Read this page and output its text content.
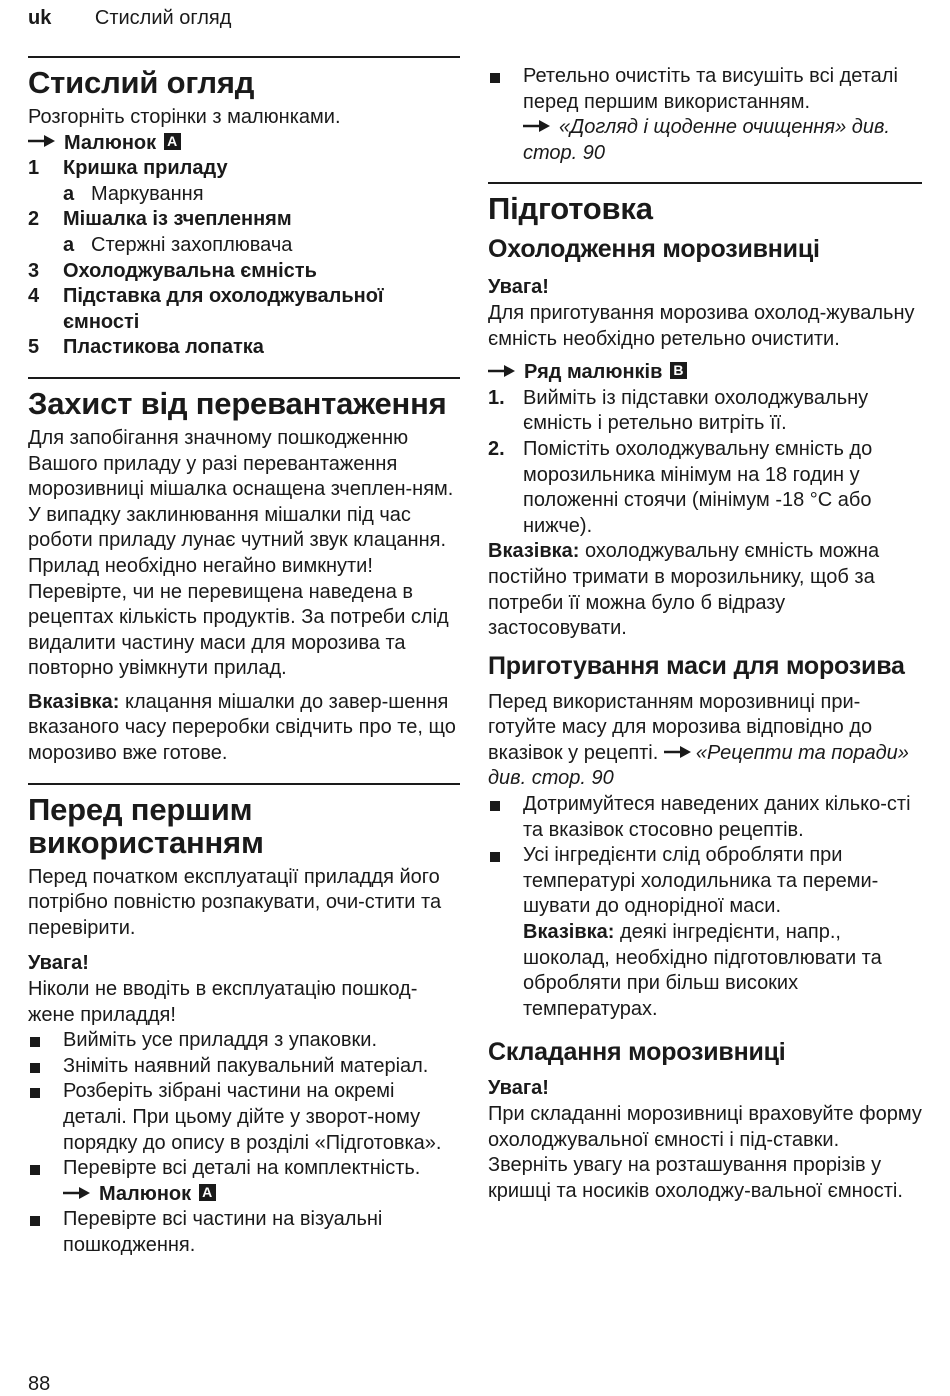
uk Стислий огляд
Стислий огляд

Розгорніть сторінки з малюнками.

Малюнок A
1 Кришка приладу
a Маркування
2 Мішалка із зчепленням
a Стержні захоплювача
3 Охолоджувальна ємність
4 Підставка для охолоджувальної ємності
5 Пластикова лопатка
Захист від перевантаження

Для запобігання значному пошкодженню Вашого приладу у разі перевантаження морозивниці мішалка оснащена зчеплен-ням. У випадку заклинювання мішалки під час роботи приладу лунає чутний звук клацання.

Прилад необхідно негайно вимкнути! Перевірте, чи не перевищена наведена в рецептах кількість продуктів. За потреби слід видалити частину маси для морозива та повторно увімкнути прилад.

Вказівка: клацання мішалки до завер-шення вказаного часу переробки свідчить про те, що морозиво вже готове.

Перед першим використанням

Перед початком експлуатації приладдя його потрібно повністю розпакувати, очи-стити та перевірити.

Увага!

Ніколи не вводіть в експлуатацію пошкод-жене приладдя!

Вийміть усе приладдя з упаковки.
Зніміть наявний пакувальний матеріал.
Розберіть зібрані частини на окремі деталі. При цьому дійте у зворот-ному порядку до опису в розділі «Підготовка».
Перевірте всі деталі на комплектність.
Малюнок A
Перевірте всі частини на візуальні пошкодження.
Ретельно очистіть та висушіть всі деталі перед першим використанням.
«Догляд і щоденне очищення» див. стор. 90
Підготовка
Охолодження морозивниці

Увага!

Для приготування морозива охолод-жувальну ємність необхідно ретельно очистити.

Ряд малюнків B
1. Вийміть із підставки охолоджувальну ємність і ретельно витріть її.
2. Помістіть охолоджувальну ємність до морозильника мінімум на 18 годин у положенні стоячи (мінімум -18 °C або нижче).

Вказівка: охолоджувальну ємність можна постійно тримати в морозильнику, щоб за потреби її можна було б відразу застосовувати.

Приготування маси для морозива

Перед використанням морозивниці при-готуйте масу для морозива відповідно до вказівок у рецепті. «Рецепти та поради» див. стор. 90

Дотримуйтеся наведених даних кілько-сті та вказівок стосовно рецептів.
Усі інгредієнти слід обробляти при температурі холодильника та переми-шувати до однорідної маси.
Вказівка: деякі інгредієнти, напр., шоколад, необхідно підготовлювати та обробляти при більш високих температурах.
Складання морозивниці

Увага!

При складанні морозивниці враховуйте форму охолоджувальної ємності і під-ставки. Зверніть увагу на розташування прорізів у кришці та носиків охолоджу-вальної ємності.

88
